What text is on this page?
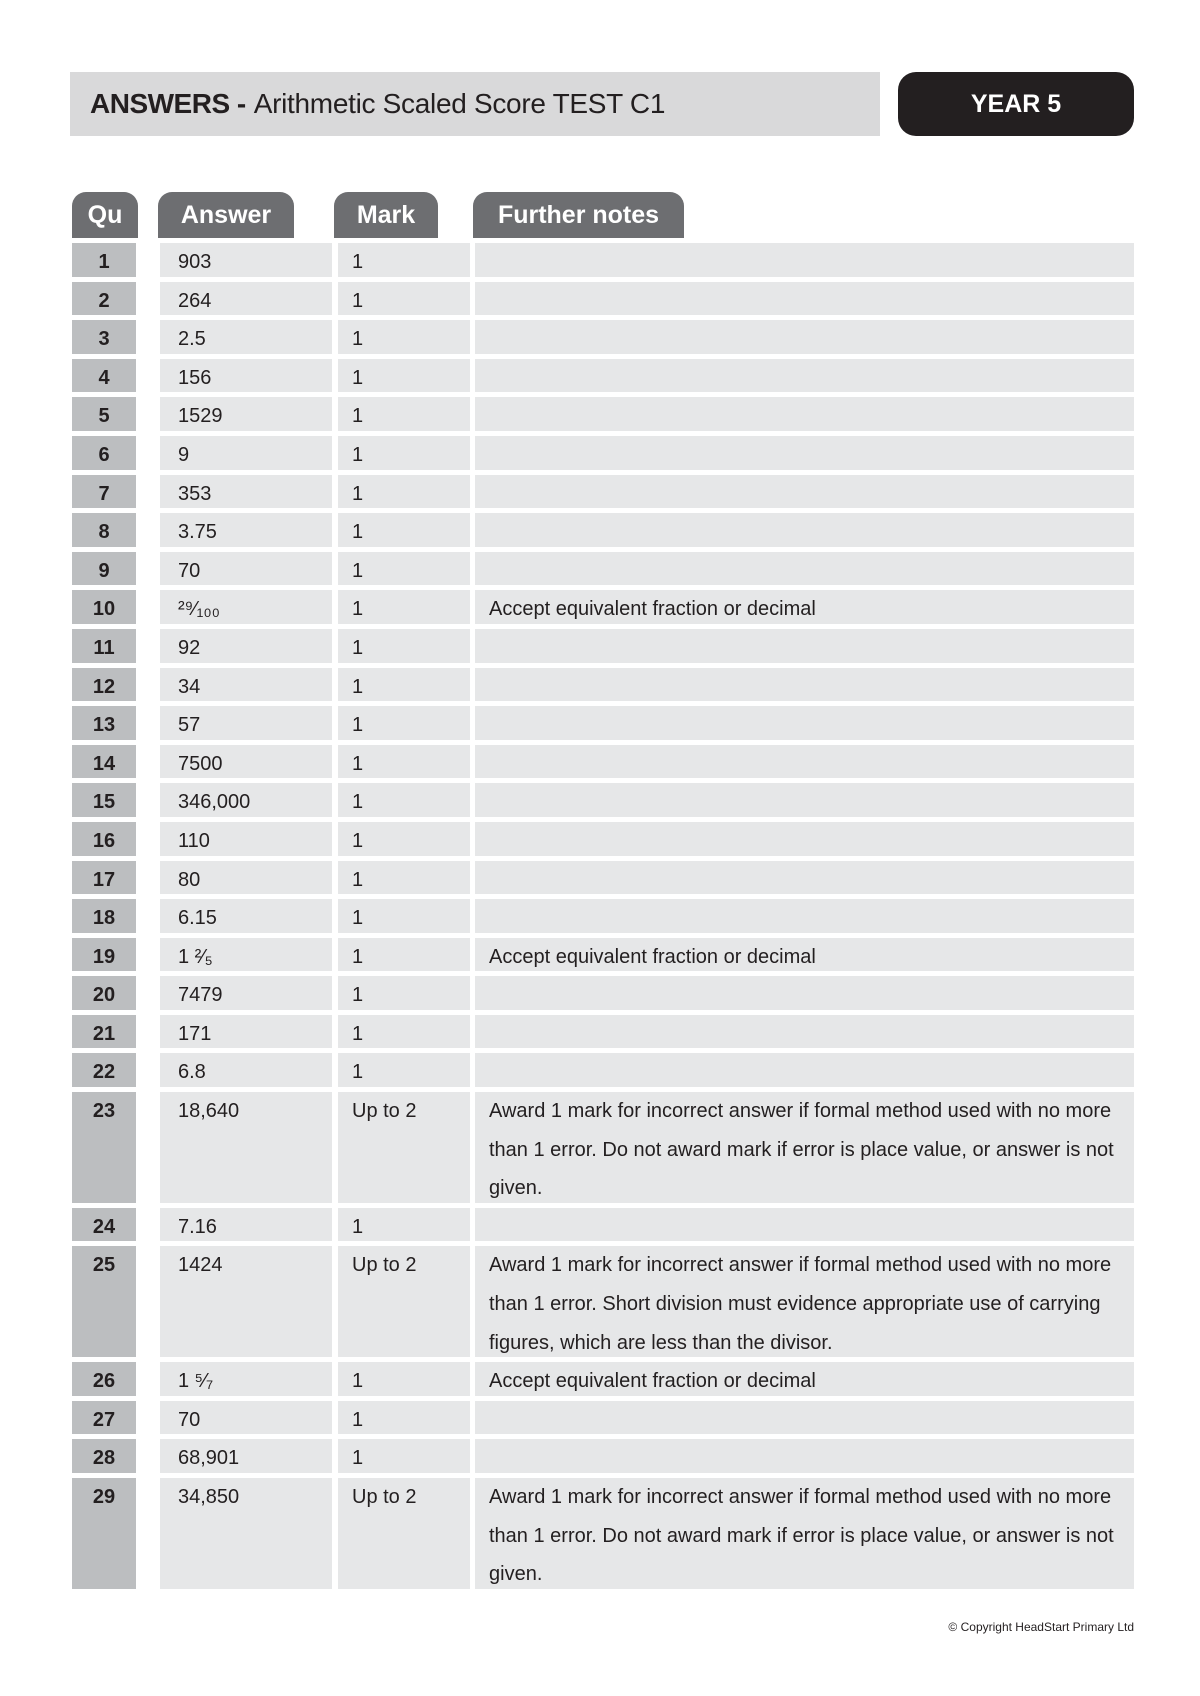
ANSWERS - Arithmetic Scaled Score TEST C1	YEAR 5
Qu	Answer	Mark	Further notes
1	903	1
2	264	1
3	2.5	1
4	156	1
5	1529	1
6	9	1
7	353	1
8	3.75	1
9	70	1
10	²⁹⁄₁₀₀	1	Accept equivalent fraction or decimal
11	92	1
12	34	1
13	57	1
14	7500	1
15	346,000	1
16	110	1
17	80	1
18	6.15	1
19	1 ²⁄₅	1	Accept equivalent fraction or decimal
20	7479	1
21	171	1
22	6.8	1
23	18,640	Up to 2	Award 1 mark for incorrect answer if formal method used with no more than 1 error. Do not award mark if error is place value, or answer is not given.
24	7.16	1
25	1424	Up to 2	Award 1 mark for incorrect answer if formal method used with no more than 1 error. Short division must evidence appropriate use of carrying figures, which are less than the divisor.
26	1 ⁵⁄₇	1	Accept equivalent fraction or decimal
27	70	1
28	68,901	1
29	34,850	Up to 2	Award 1 mark for incorrect answer if formal method used with no more than 1 error. Do not award mark if error is place value, or answer is not given.
© Copyright HeadStart Primary Ltd
